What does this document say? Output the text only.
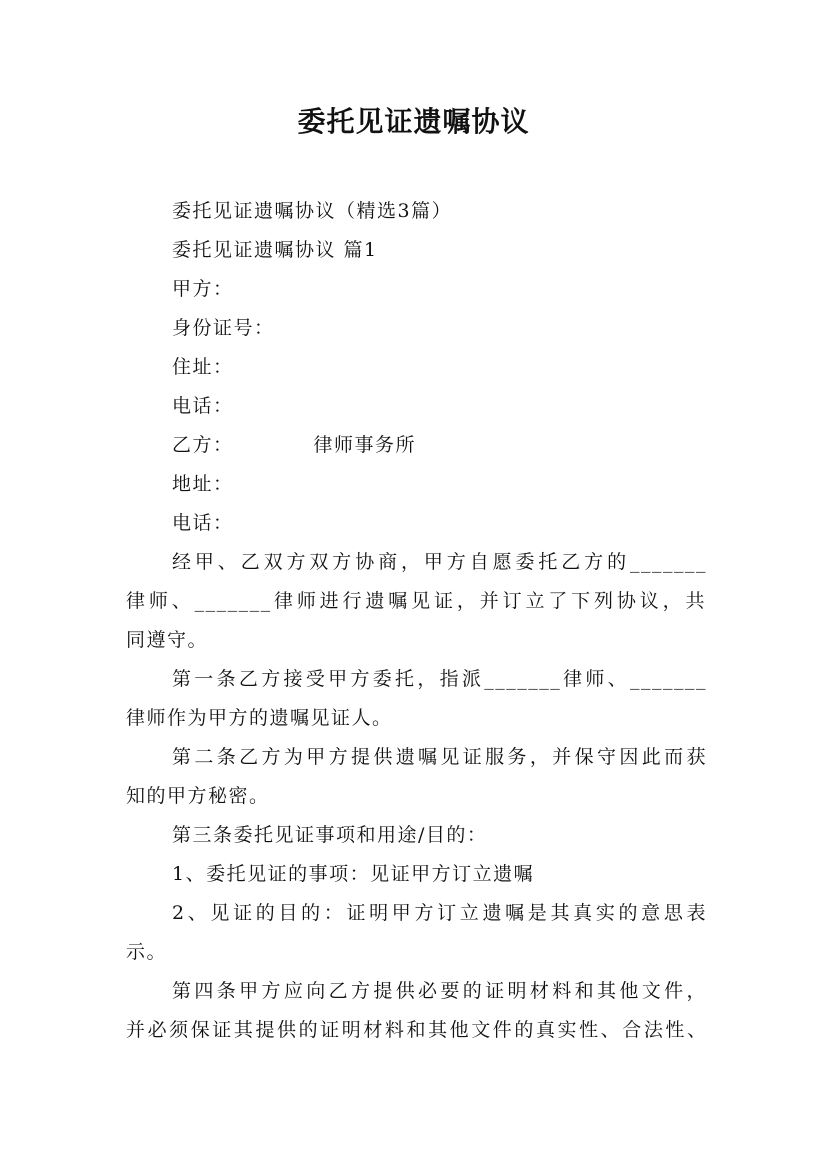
委托见证遗嘱协议
委托见证遗嘱协议（精选3篇）
委托见证遗嘱协议 篇1
甲方：
身份证号：
住址：
电话：
乙方：	律师事务所
地址：
电话：
经甲、乙双方双方协商，甲方自愿委托乙方的_______
律师、_______律师进行遗嘱见证，并订立了下列协议，共
同遵守。
第一条乙方接受甲方委托，指派_______律师、_______
律师作为甲方的遗嘱见证人。
第二条乙方为甲方提供遗嘱见证服务，并保守因此而获
知的甲方秘密。
第三条委托见证事项和用途/目的：
1、委托见证的事项：见证甲方订立遗嘱
2、见证的目的：证明甲方订立遗嘱是其真实的意思表
示。
第四条甲方应向乙方提供必要的证明材料和其他文件，
并必须保证其提供的证明材料和其他文件的真实性、合法性、
